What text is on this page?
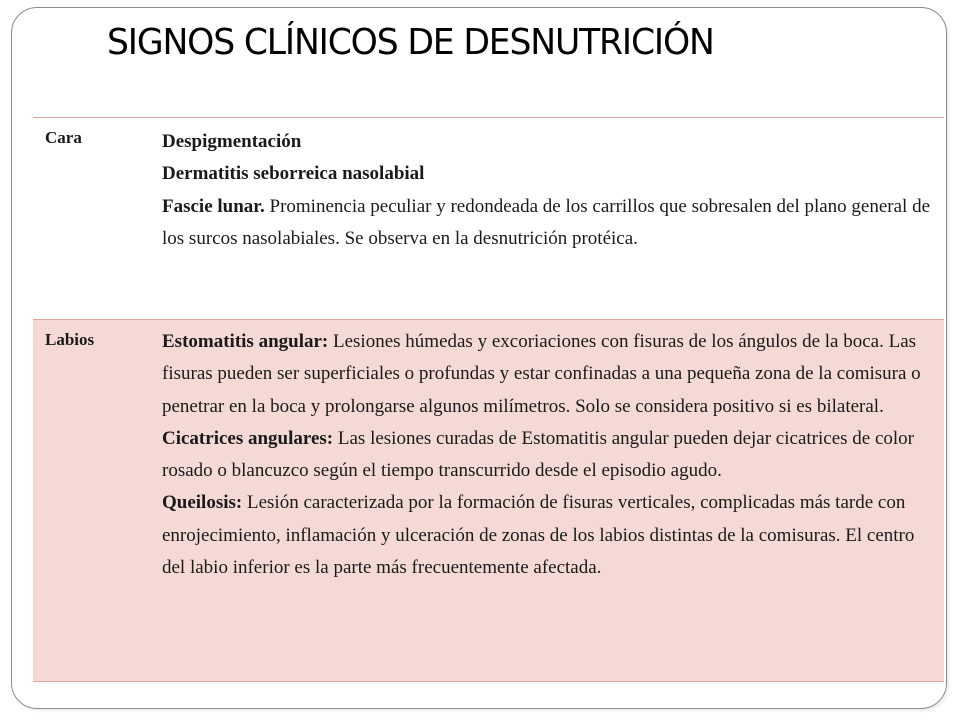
SIGNOS CLÍNICOS DE DESNUTRICIÓN
Cara	Despigmentación

Dermatitis seborreica nasolabial

Fascie lunar. Prominencia peculiar y redondeada de los carrillos que sobresalen del plano general de los surcos nasolabiales. Se observa en la desnutrición protéica.

Labios	Estomatitis angular: Lesiones húmedas y excoriaciones con fisuras de los ángulos de la boca. Las fisuras pueden ser superficiales o profundas y estar confinadas a una pequeña zona de la comisura o penetrar en la boca y prolongarse algunos milímetros. Solo se considera positivo si es bilateral.

Cicatrices angulares: Las lesiones curadas de Estomatitis angular pueden dejar cicatrices de color rosado o blancuzco según el tiempo transcurrido desde el episodio agudo.

Queilosis: Lesión caracterizada por la formación de fisuras verticales, complicadas más tarde con enrojecimiento, inflamación y ulceración de zonas de los labios distintas de la comisuras. El centro del labio inferior es la parte más frecuentemente afectada.
